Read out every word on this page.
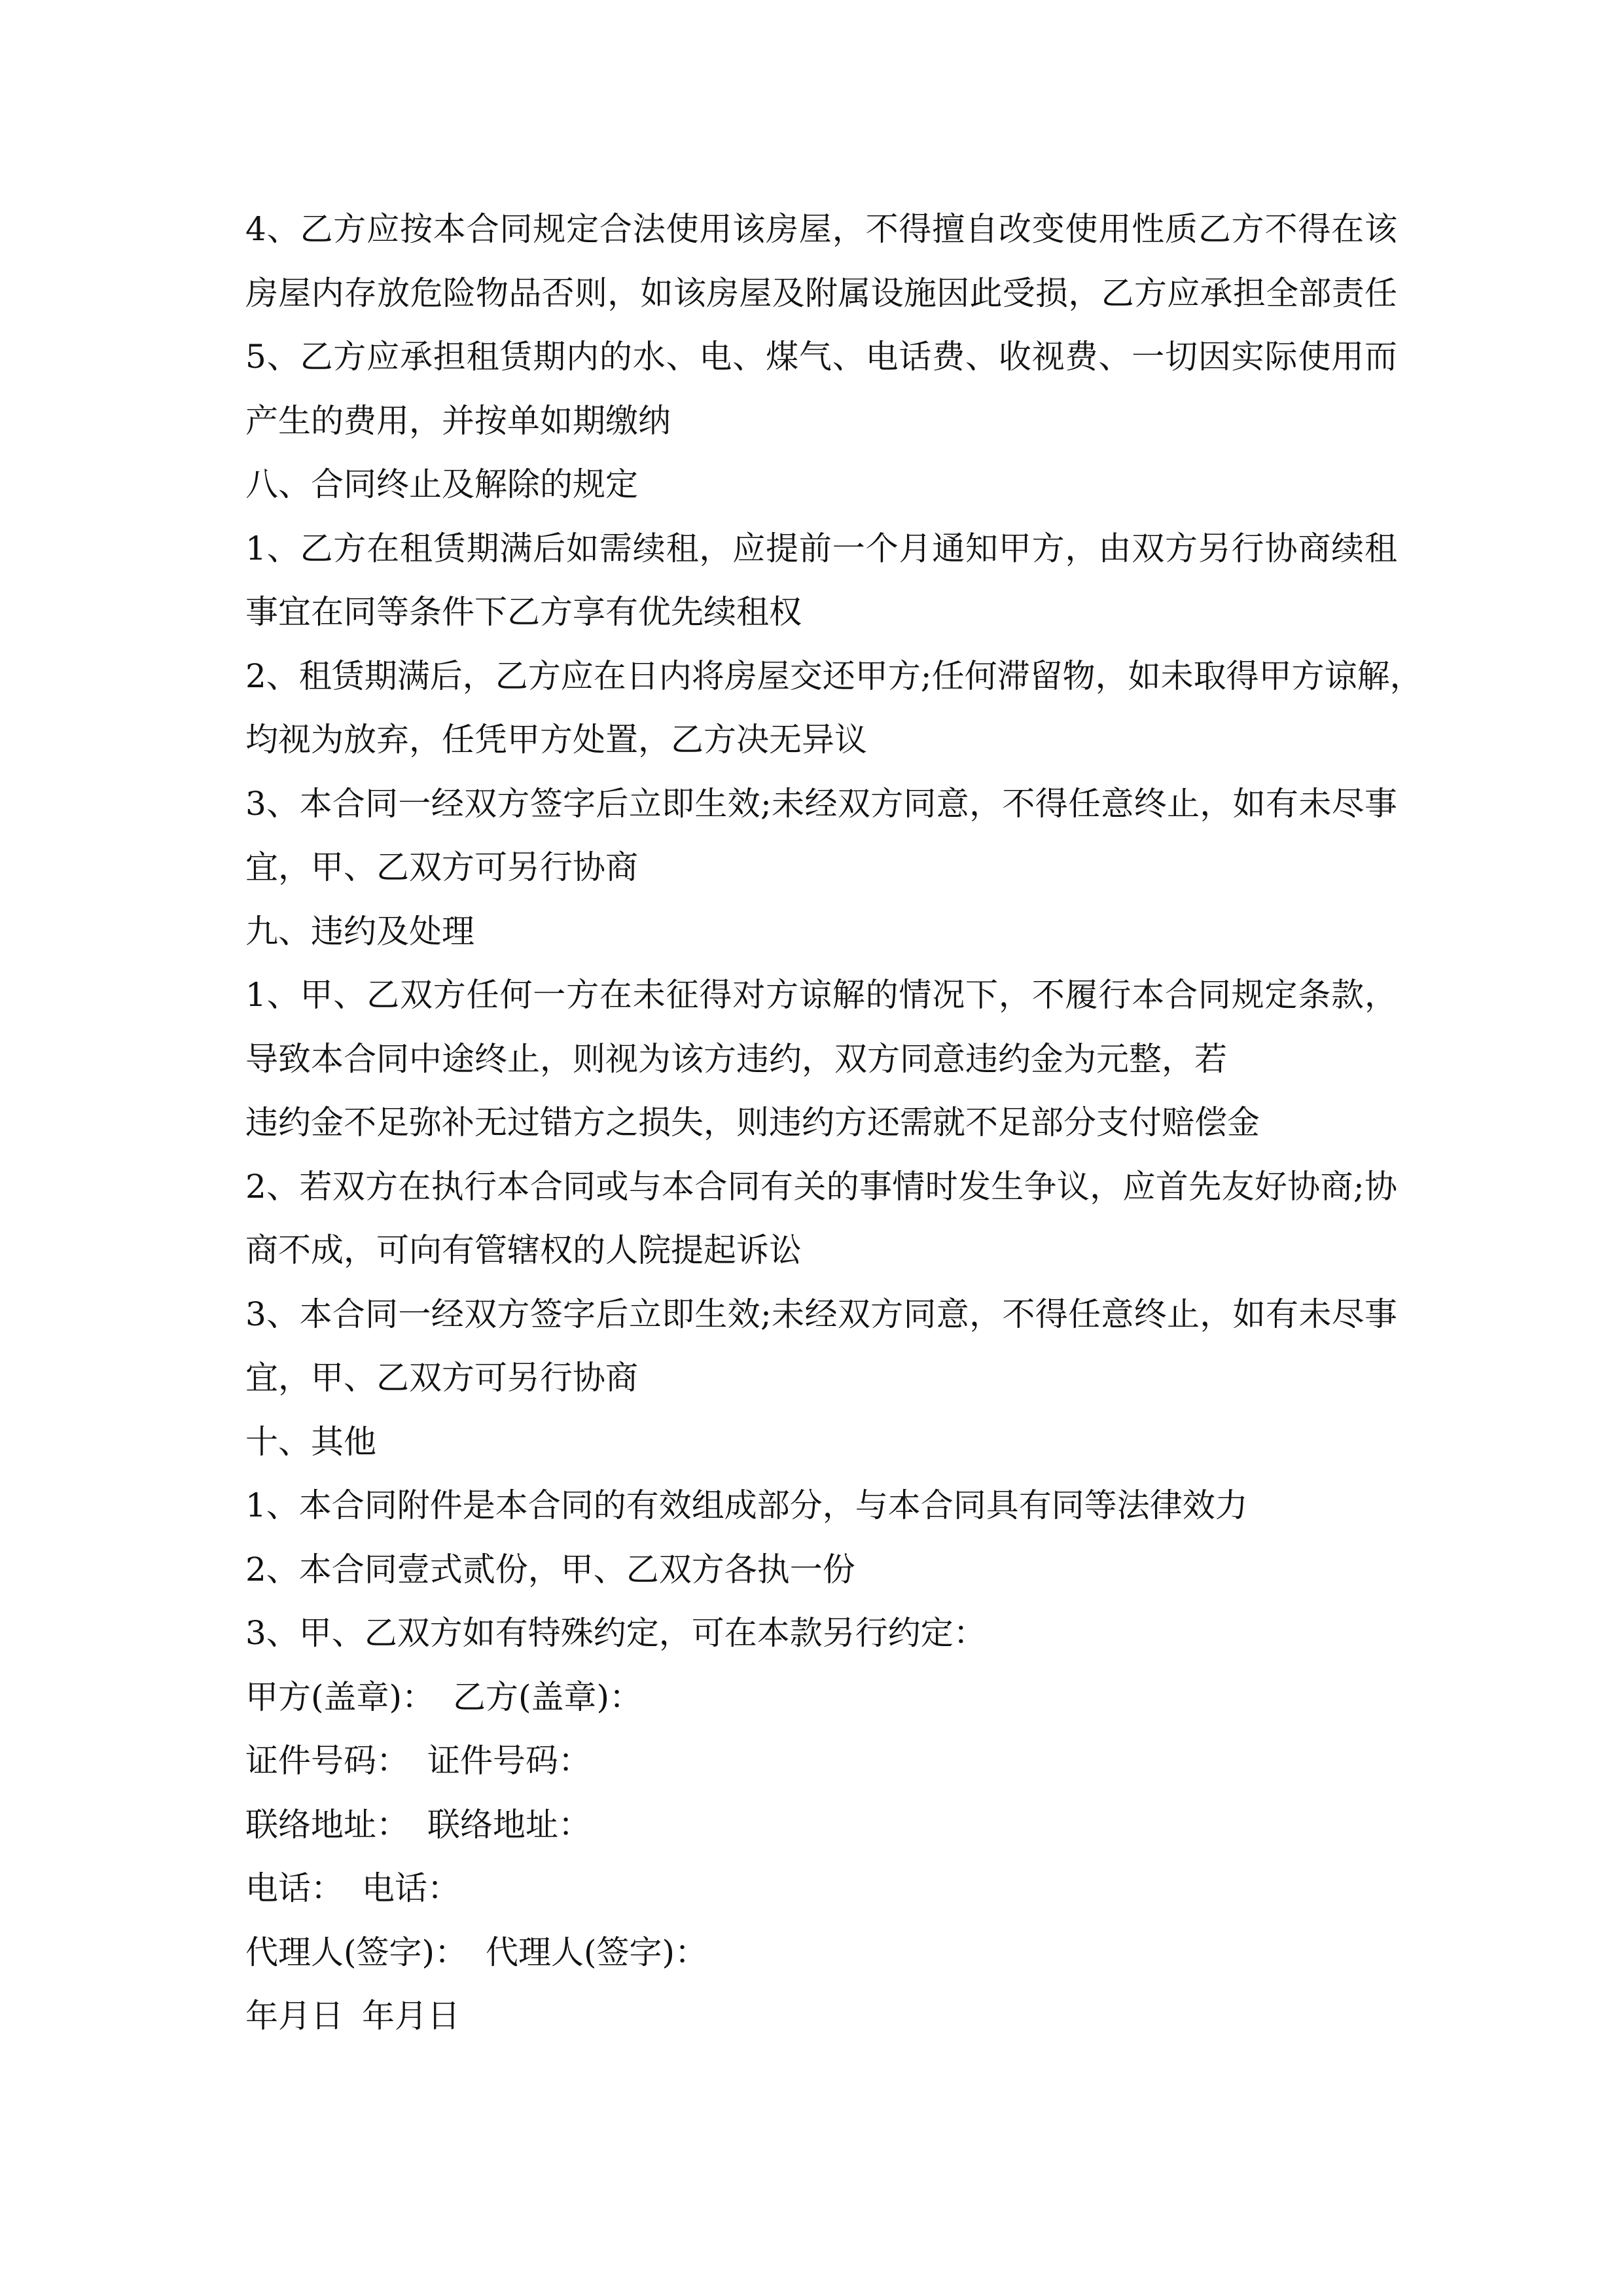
4、乙方应按本合同规定合法使用该房屋，不得擅自改变使用性质乙方不得在该
房屋内存放危险物品否则，如该房屋及附属设施因此受损，乙方应承担全部责任
5、乙方应承担租赁期内的水、电、煤气、电话费、收视费、一切因实际使用而
产生的费用，并按单如期缴纳
八、合同终止及解除的规定
1、乙方在租赁期满后如需续租，应提前一个月通知甲方，由双方另行协商续租
事宜在同等条件下乙方享有优先续租权
2、租赁期满后，乙方应在日内将房屋交还甲方;任何滞留物，如未取得甲方谅解，
均视为放弃，任凭甲方处置，乙方决无异议
3、本合同一经双方签字后立即生效;未经双方同意，不得任意终止，如有未尽事
宜，甲、乙双方可另行协商
九、违约及处理
1、甲、乙双方任何一方在未征得对方谅解的情况下，不履行本合同规定条款，
导致本合同中途终止，则视为该方违约，双方同意违约金为元整，若
违约金不足弥补无过错方之损失，则违约方还需就不足部分支付赔偿金
2、若双方在执行本合同或与本合同有关的事情时发生争议，应首先友好协商;协
商不成，可向有管辖权的人院提起诉讼
3、本合同一经双方签字后立即生效;未经双方同意，不得任意终止，如有未尽事
宜，甲、乙双方可另行协商
十、其他
1、本合同附件是本合同的有效组成部分，与本合同具有同等法律效力
2、本合同壹式贰份，甲、乙双方各执一份
3、甲、乙双方如有特殊约定，可在本款另行约定：
甲方(盖章)： 乙方(盖章)：
证件号码： 证件号码：
联络地址： 联络地址：
电话： 电话：
代理人(签字)： 代理人(签字)：
年月日 年月日
